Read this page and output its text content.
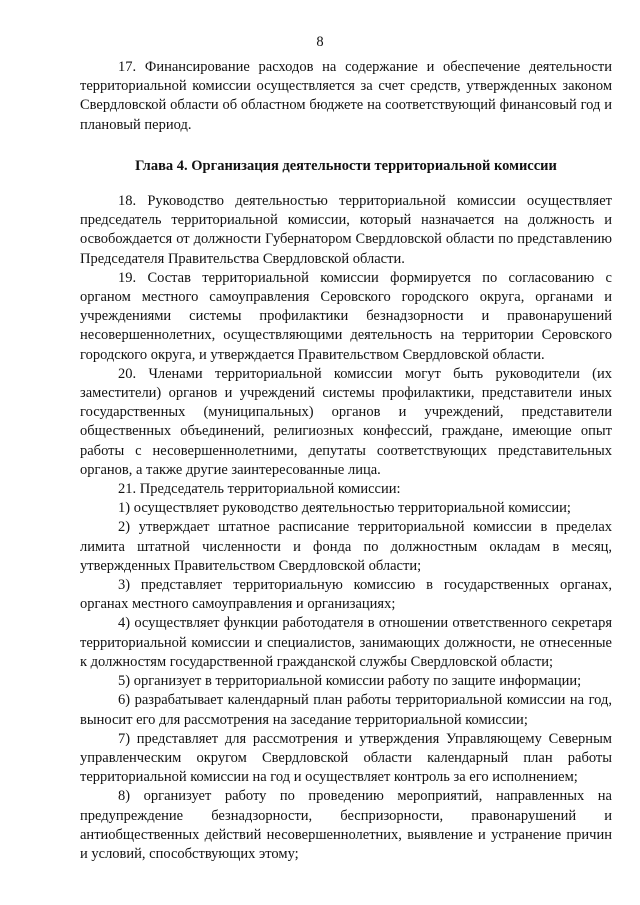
8

17. Финансирование расходов на содержание и обеспечение деятельности территориальной комиссии осуществляется за счет средств, утвержденных законом Свердловской области об областном бюджете на соответствующий финансовый год и плановый период.

Глава 4. Организация деятельности территориальной комиссии

18. Руководство деятельностью территориальной комиссии осуществляет председатель территориальной комиссии, который назначается на должность и освобождается от должности Губернатором Свердловской области по представлению Председателя Правительства Свердловской области.

19. Состав территориальной комиссии формируется по согласованию с органом местного самоуправления Серовского городского округа, органами и учреждениями системы профилактики безнадзорности и правонарушений несовершеннолетних, осуществляющими деятельность на территории Серовского городского округа, и утверждается Правительством Свердловской области.

20. Членами территориальной комиссии могут быть руководители (их заместители) органов и учреждений системы профилактики, представители иных государственных (муниципальных) органов и учреждений, представители общественных объединений, религиозных конфессий, граждане, имеющие опыт работы с несовершеннолетними, депутаты соответствующих представительных органов, а также другие заинтересованные лица.

21. Председатель территориальной комиссии:

1) осуществляет руководство деятельностью территориальной комиссии;

2) утверждает штатное расписание территориальной комиссии в пределах лимита штатной численности и фонда по должностным окладам в месяц, утвержденных Правительством Свердловской области;

3) представляет территориальную комиссию в государственных органах, органах местного самоуправления и организациях;

4) осуществляет функции работодателя в отношении ответственного секретаря территориальной комиссии и специалистов, занимающих должности, не отнесенные к должностям государственной гражданской службы Свердловской области;

5) организует в территориальной комиссии работу по защите информации;

6) разрабатывает календарный план работы территориальной комиссии на год, выносит его для рассмотрения на заседание территориальной комиссии;

7) представляет для рассмотрения и утверждения Управляющему Северным управленческим округом Свердловской области календарный план работы территориальной комиссии на год и осуществляет контроль за его исполнением;

8) организует работу по проведению мероприятий, направленных на предупреждение безнадзорности, беспризорности, правонарушений и антиобщественных действий несовершеннолетних, выявление и устранение причин и условий, способствующих этому;
